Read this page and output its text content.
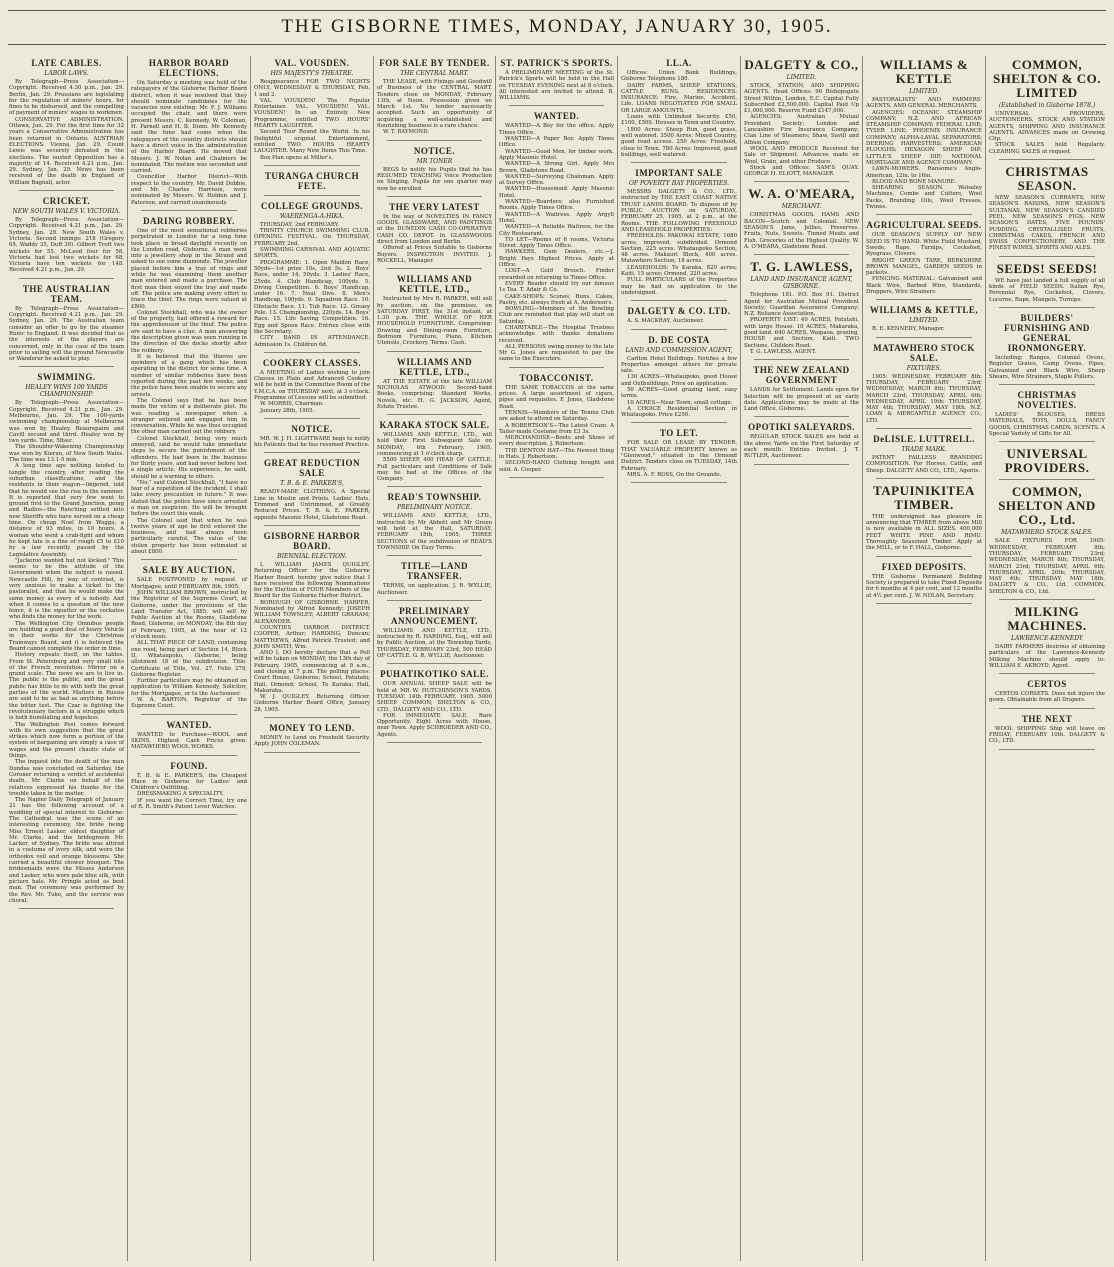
THE GISBORNE TIMES, MONDAY, JANUARY 30, 1905.
LATE CABLES.
LABOR LAWS.
By Telegraph—Press Association—Copyright. Received 4.30 p.m., Jan. 29. Berlin, Jan. 29. Prussians are legislating for the regulation of miners' hours, for fines to be disbursed, and the compelling of payment of miners' wages to workmen.
CONSERVATIVE ADMINISTRATION. Ottawa, Jan. 29. For the first time for 32 years a Conservative Administration has been returned in Ontario. AUSTRIAN ELECTIONS. Vienna, Jan. 29. Count Lewis was severely defeated in the elections. The ousted Opposition has a majority of 14. Received 4.21 p.m., Jan. 29. Sydney, Jan. 29. News has been received of the death in England of William Bagnall, actor.
CRICKET.
NEW SOUTH WALES V. VICTORIA.
By Telegraph—Press Association—Copyright. Received 4.21 p.m., Jan. 29. Sydney, Jan. 29. New South Wales v. Victoria. Second innings: 218 (Gregory 65, Waddy 35, Duff 30). Gilbert Trott two wickets for 55, McLeod four for 58. Victoria had lost two wickets for 68. Victoria have ten wickets for 148. Received 4.21 p.m., Jan. 29.
THE AUSTRALIAN TEAM.
By Telegraph—Press Association—Copyright. Received 4.21 p.m., Jan. 29. Sydney, Jan. 29. The Australian team consider an offer to go by the steamer Runic to England. It was decided that as the interests of the players are concerned, only in the case of the team prior to sailing will the ground Newcastle or Wanderer be asked to play.
SWIMMING.
HEALEY WINS 100 YARDS CHAMPIONSHIP.
By Telegraph—Press Association—Copyright. Received 4.21 p.m., Jan. 29. Melbourne, Jan. 29. The 100-yards swimming championship at Melbourne was won by Healey. Beaurepaire and Cavill second and third. Healey won by two yards. Time, 58sec.
The Shoulder-Wakening Championship was won by Kieran, of New South Wales. The time was 13.1-5 min.
A long time ago nothing tended to tangle the country, after reading the suburban classifications, and the residents in their wagon—lingered, told that he would see the rise in the summer. It is reported that very few went to ground first to the Grand Junction, going and Radios—the Ranching settled into new Sheriffs who have served on a cheap time. On cheap Noel from Wagga, a distance of 93 miles, in 10 hours. A woman who went a crab-fight and whom he kept late is a fine of rough £5 to £10 by a law recently passed by the Legislative Assembly.
"Jackeroo wanted but not kicked." This seems to be the attitude of the Government when the subject is raised. Newcastle Hill, by way of contrast, is very anxious to make a ticket to the pastoralist, and that he would make the same money as every of a nobody. And when it comes to a question of the new fence, it is the squatter or the cockatoo who finds the money for the work.
The Wellington City Omnibus people are building a good deal of heavy Vehicle in their works for the Christmas Tramways Board, and it is believed the Board cannot complete the order in time.
History repeats itself, on the tables. From St. Petersburg and very small bits of the French revolution. Mirror on a grand scale. The news we are to live in. The public is the public, and the great public has little to do with both the great parties of the world. Matters in Russia are said to be as bad as anything before the bitter test. The Czar is fighting the revolutionary factors in a struggle which is both humiliating and hopeless.
The Wellington Post comes forward with its own suggestion that the great strikes which now form a portion of the system of bargaining are simply a case of wages and the present chaotic state of things.
The inquest into the death of the man Dundas was concluded on Saturday, the Coroner returning a verdict of accidental death. Mr. Clarke on behalf of the relatives expressed his thanks for the trouble taken in the matter.
The Napier Daily Telegraph of January 21 has the following account of a wedding of special interest to Gisborne: The Cathedral was the scene of an interesting ceremony, the bride being Miss Ernest Lasker, eldest daughter of Mr. Clarke, and the bridegroom Mr. Lacker, of Sydney. The bride was attired in a costume of ivory silk, and wore the orthodox veil and orange blossoms. She carried a beautiful shower bouquet. The bridesmaids were the Misses Anderson and Lasker, who wore pale blue silk, with picture hats. Mr. Pringle acted as best man. The ceremony was performed by the Rev. Mr. Tuke, and the service was choral.
HARBOR BOARD ELECTIONS.
On Saturday a meeting was held of the ratepayers of the Gisborne Harbor Board district, when it was resolved that they should nominate candidates for the vacancies now existing. Mr. F. J. Williams occupied the chair, and there were present Messrs. C. Kennedy, W. Coleman, H. Parnell and H. B. Dunn. Mr. Kennedy said the time had come when the ratepayers of the country districts should have a direct voice in the administration of the Harbor Board. He moved that Messrs. J. W. Nolan and Chalmers be nominated. The motion was seconded and carried.
Councillor Harbor District—With respect to the country, Mr. David Dobbie, and Mr. Charles Harrison, were nominated by Messrs. W. Holden and J. Paterson, and carried unanimously.
DARING ROBBERY.
One of the most sensational robberies perpetrated in London for a long time took place in broad daylight recently on the London road, Gisborne. A man went into a jewellery shop in the Strand and asked to see some diamonds. The jeweller placed before him a tray of rings and while he was examining them another man entered and made a purchase. The first man then seized the tray and made off. The police are making every effort to trace the thief. The rings were valued at £800.
Colonel Stockhall, who was the owner of the property, had offered a reward for the apprehension of the thief. The police are said to have a clue. A man answering the description given was seen running in the direction of the docks shortly after the robbery.
It is believed that the thieves are members of a gang which has been operating in the district for some time. A number of similar robberies have been reported during the past few weeks, and the police have been unable to secure any arrests.
The Colonel says that he has been made the victim of a deliberate plot. He was reading a newspaper when a stranger entered and engaged him in conversation. While he was thus occupied the other man carried out the robbery.
Colonel Stockhall, being very much annoyed, said he would take immediate steps to secure the punishment of the offenders. He had been in the business for thirty years, and had never before lost a single article. His experience, he said, should be a warning to others.
"No," said Colonel Stockhall, "I have no fear of a repetition of the incident. I shall take every precaution in future." It was stated that the police have since arrested a man on suspicion. He will be brought before the court this week.
The Colonel said that when he was twelve years of age he first entered the business, and had always been particularly careful. The value of the stolen property has been estimated at about £800.
SALE BY AUCTION.
SALE POSTPONED by request of Mortgagee, until FEBRUARY 8th, 1905.
JOHN WILLIAM BROWN, instructed by the Registrar of the Supreme Court, at Gisborne, under the provisions of the Land Transfer Act, 1885, will sell by Public Auction at the Rooms, Gladstone Road, Gisborne, on MONDAY, the 8th day of February, 1905, at the hour of 12 o'clock noon.
ALL THAT PIECE OF LAND, containing one rood, being part of Section 14, Block II, Whataupoko, Gisborne, being allotment 18 of the subdivision. Title: Certificate of Title, Vol. 27, Folio 279, Gisborne Register.
Further particulars may be obtained on application to William Kennedy, Solicitor, for the Mortgagee, or to the Auctioneer.
W. A. BARTON, Registrar of the Supreme Court.
WANTED.
WANTED to Purchase—WOOL and SKINS. Highest Cash Prices given. MATAWHERO WOOL WORKS.
FOUND.
T. B. & E. PARKER'S, the Cheapest Place in Gisborne for Ladies' and Children's Outfitting.
DRESSMAKING A SPECIALITY.
IF you want the Correct Time, try one of R. R. Smith's Patent Lever Watches.
VAL. VOUSDEN.
HIS MAJESTY'S THEATRE.
Reappearance FOR TWO NIGHTS ONLY, WEDNESDAY & THURSDAY, Feb. 1 and 2.
VAL. VOUSDEN! The Popular Entertainer. VAL. VOUSDEN! VAL. VOUSDEN! In an Entirely New Programme, entitled TWO HOURS' HEARTY LAUGHTER.
Second Tour Round the World. In his Delightful original Entertainment, entitled TWO HOURS HEARTY LAUGHTER. Many New Items This Time.
Box Plan opens at Miller's.
TURANGA CHURCH FETE.
COLLEGE GROUNDS.
WAERENGA-A-HIKA.
THURSDAY, 2nd FEBRUARY.
TRINITY CHURCH SWIMMING CLUB. OPENING FESTIVAL. On THURSDAY, FEBRUARY 2nd.
SWIMMING CARNIVAL AND AQUATIC SPORTS.
PROGRAMME: 1. Open Maiden Race, 50yds—1st prize 10s, 2nd 5s. 2. Boys' Race, under 14, 50yds. 3. Ladies' Race, 25yds. 4. Club Handicap, 100yds. 5. Diving Competition. 6. Boys' Handicap, under 16. 7. Neat Dive. 8. Men's Handicap, 100yds. 9. Squadron Race. 10. Obstacle Race. 11. Tub Race. 12. Greasy Pole. 13. Championship, 220yds. 14. Boys' Race. 15. Life Saving Competition. 16. Egg and Spoon Race. Entries close with the Secretary.
CITY BAND IN ATTENDANCE. Admission 1s. Children 6d.
COOKERY CLASSES.
A MEETING of Ladies wishing to join Classes in Plain and Advanced Cookery will be held in the Committee Room of the Y.M.C.A. on THURSDAY next, at 3 o'clock. Programme of Lessons will be submitted.
W. MORRIS, Chairman.
January 28th, 1905.
NOTICE.
MR. W. J. H. LIGHTWARE begs to notify his Patients that he has resumed Practice.
GREAT REDUCTION SALE
T. B. & E. PARKER'S,
READY-MADE CLOTHING. A Special Line in Muslin and Prints. Ladies' Hats, Trimmed and Untrimmed, at Greatly Reduced Prices. T. B. & E. PARKER, opposite Masonic Hotel, Gladstone Road.
GISBORNE HARBOR BOARD.
BIENNIAL ELECTION.
I, WILLIAM JAMES QUIGLEY, Returning Officer for the Gisborne Harbor Board, hereby give notice that I have received the following Nominations for the Election of FOUR Members of the Board for the Gisborne Harbor District.
BOROUGH OF GISBORNE. HARPER, Nominated by Alfred Kennedy; JOSEPH WILLIAM TOWNLEY; ALBERT GRAHAM; ALEXANDER.
COUNTIES HARBOR DISTRICT. COOPER, Arthur; HARDING, Duncan; MATTHEWS, Alfred Patrick Trusted; and JOHN SMITH, Wm.
AND I, DO hereby declare that a Poll will be taken on MONDAY, the 13th day of February, 1905, commencing at 9 a.m., and closing at 7 p.m. The polling places: Court House, Gisborne; School, Patutahi; Hall, Ormond; School, Te Karaka; Hall, Makaraka.
W. J. QUIGLEY, Returning Officer. Gisborne Harbor Board Office, January 28, 1905.
MONEY TO LEND.
MONEY to Lend on Freehold Security. Apply JOHN COLEMAN.
FOR SALE BY TENDER.
THE CENTRAL MART.
THE LEASE, with Fixings and Goodwill of Business of the CENTRAL MART. Tenders close on MONDAY, February 13th, at Noon. Possession given on March 1st. No tender necessarily accepted. Such an opportunity of acquiring a well-established and flourishing business is a rare chance.
W. T. RAYMOND.
NOTICE.
MR TONER
BEGS to notify his Pupils that he has RESUMED TEACHING Voice Production on Singing. Pupils for one quarter may now be enrolled.
THE VERY LATEST
In the way of NOVELTIES IN FANCY GOODS, GLASSWARE, AND PAINTINGS at the DUNEDIN CASH CO-OPERATIVE CASH CO. DEPOT. In GLASSWOODS direct from London and Berlin.
Offered at Prices Suitable to Gisborne Buyers. INSPECTION INVITED. J. ROCKELL, Manager.
WILLIAMS AND KETTLE, LTD.,
Instructed by Mrs R. PARKER, will sell by auction, on the premises, on SATURDAY FIRST, the 31st instant, at 1.30 p.m. THE WHOLE OF HER HOUSEHOLD FURNITURE. Comprising: Drawing and Dining-room Furniture, Bedroom Furniture, Piano, Kitchen Utensils, Crockery. Terms: Cash.
WILLIAMS AND KETTLE, LTD.,
AT THE ESTATE of the late WILLIAM NICHOLAS ATWOOD. Second-hand Books, comprising: Standard Works, Novels, etc. H. G. JACKSON, Agent, Estate Trustee.
KARAKA STOCK SALE.
WILLIAMS AND KETTLE, LTD., will hold their First Subsequent Sale on MONDAY, 6th February, 1905, commencing at 1 o'clock sharp.
5500 SHEEP, 400 HEAD OF CATTLE. Full particulars and Conditions of Sale may be had at the Offices of the Company.
READ'S TOWNSHIP.
PRELIMINARY NOTICE.
WILLIAMS AND KETTLE, LTD., instructed by Mr Abbott and Mr Green will hold at the Hall, SATURDAY, FEBRUARY 18th, 1905, THREE SECTIONS of the subdivision of READ'S TOWNSHIP. On Easy Terms.
TITLE—LAND TRANSFER.
TERMS, on application. J. R. WYLLIE, Auctioneer.
PRELIMINARY ANNOUNCEMENT.
WILLIAMS AND KETTLE, LTD., instructed by R. HARDING, Esq., will sell by Public Auction, at the Township Yards, THURSDAY, FEBRUARY 23rd, 500 HEAD OF CATTLE. G. R. WYLLIE, Auctioneer.
PUHATIKOTIKO SALE.
OUR ANNUAL SHEEP SALE will be held at MR W. HUTCHINSON'S YARDS, TUESDAY, 14th FEBRUARY, 1905. 5000 SHEEP. COMMON, SHELTON & CO., LTD., DALGETY AND CO., LTD.
FOR IMMEDIATE SALE. Rare Opportunity. Eight Acres with House, near Town. Apply SCHROEDER AND CO., Agents.
ST. PATRICK'S SPORTS.
A PRELIMINARY MEETING of the St. Patrick's Sports will be held in the Hall on TUESDAY EVENING next at 8 o'clock. All interested are invited to attend. B. WILLIAMS.
WANTED.
WANTED—A Boy for the office. Apply Times Office.
WANTED—A Paper Boy. Apply Times Office.
WANTED—Good Men, for timber work. Apply Masonic Hotel.
WANTED—A Strong Girl. Apply Mrs Brown, Gladstone Road.
WANTED—Surveying Chainman. Apply at Survey Office.
WANTED—Housemaid. Apply Masonic Hotel.
WANTED—Boarders; also Furnished Rooms. Apply Times Office.
WANTED—A Waitress. Apply Argyll Hotel.
WANTED—A Reliable Waitress, for the City Restaurant.
TO LET—Rooms of 6 rooms, Victoria Street. Apply Times Office.
HAWKERS, Gum Dealers, etc.—J. Bright Pays Highest Prices. Apply at Office.
LOST—A Gold Brooch. Finder rewarded on returning to Times Office.
EVERY Reader should try our famous 1s Tea. T. Adair & Co.
CAKE-SHOPS: Scones, Buns, Cakes, Pastry, etc. always fresh at A. Anderson's.
BOWLING—Members of the Bowling Club are reminded that play will start on Saturday.
CHARITABLE—The Hospital Trustees acknowledge with thanks donations received.
ALL PERSONS owing money to the late Mr G. Jones are requested to pay the same to the Executors.
TOBACCONIST.
THE SAME TOBACCOS at the same prices. A large assortment of cigars, pipes and requisites. F. Jones, Gladstone Road.
TENNIS—Members of the Tennis Club are asked to attend on Saturday.
A ROBERTSON'S—The Latest Craze. A Tailor-made Costume from £3 3s.
MERCHANDISE—Boots and Shoes of every description. J. Robertson.
THE DENTON HAT—The Newest thing in Hats. J. Robertson.
SECOND-HAND Clothing bought and sold. A. Cooper.
I.L.A.
Offices: Union Bank Buildings, Gisborne Telephone 180.
DAIRY FARMS, SHEEP STATIONS, CATTLE RUNS, RESIDENCES. INSURANCE: Fire, Marine, Accident, Life. LOANS NEGOTIATED FOR SMALL OR LARGE AMOUNTS.
Loans with Unlimited Security. £50, £100, £500. Houses in Town and Country.
1800 Acres: Sheep Run, good grass, well watered. 3500 Acres: Mixed Country, good road access. 250 Acres: Freehold, close to Town. 780 Acres: Improved, good buildings, well watered.
IMPORTANT SALE
OF POVERTY BAY PROPERTIES.
MESSRS DALGETY & CO., LTD., instructed by THE EAST COAST NATIVE TRUST LANDS BOARD. To dispose of by PUBLIC AUCTION on SATURDAY, FEBRUARY 25, 1905, at 2 p.m., at the Rooms. THE FOLLOWING FREEHOLD AND LEASEHOLD PROPERTIES:
FREEHOLDS: PAKOWAI ESTATE, 1680 acres, improved, subdivided. Ormond Section, 225 acres. Whataupoko Section, 48 acres. Makauri Block, 400 acres. Matawhero Section, 18 acres.
LEASEHOLDS: Te Karaka, 820 acres; Kaiti, 15 acres; Ormond, 220 acres.
FULL PARTICULARS of the Properties may be had on application to the undersigned.
DALGETY & CO. LTD.
A. S. MACKRAY, Auctioneer.
D. DE COSTA
LAND AND COMMISSION AGENT,
Carlton Hotel Buildings. Notifies a few Properties amongst others for private sale.
130 ACRES—Whataupoko, good House and Outbuildings. Price on application.
50 ACRES—Good grazing land, easy terms.
10 ACRES—Near Town, small cottage.
A CHOICE Residential Section in Whataupoko. Price £250.
TO LET.
FOR SALE OR LEASE BY TENDER. THAT VALUABLE PROPERTY known as "Glenwood," situated in the Ormond District. Tenders close on TUESDAY, 14th February.
MRS. A. F. ROSS, On the Grounds.
DALGETY & CO.,
LIMITED.
STOCK, STATION, AND SHIPPING AGENTS. Head Offices: 96 Bishopsgate Street Within, London, E.C. Capital Fully Subscribed £2,500,000. Capital Paid Up £1,000,000. Reserve Fund £147,000.
AGENCIES: Australian Mutual Provident Society; London and Lancashire Fire Insurance Company; Clan Line of Steamers; Shaw, Savill and Albion Company.
WOOL AND PRODUCE Received for Sale or Shipment. Advances made on Wool, Grain, and other Produce.
Stock and Offices: SAM'S QUAY. GEORGE H. ELIOTT, MANAGER.
W. A. O'MEARA,
MERCHANT.
CHRISTMAS GOODS. HAMS AND BACON—Scotch and Colonial. NEW SEASON'S Jams, Jellies, Preserves. Fruits, Nuts, Sweets. Tinned Meats and Fish. Groceries of the Highest Quality. W. A. O'MEARA, Gladstone Road.
T. G. LAWLESS,
LAND AND INSURANCE AGENT, GISBORNE.
Telephone 181. P.O. Box 91. District Agent for Australian Mutual Provident Society; Guardian Assurance Company; N.Z. Reliance Association.
PROPERTY LIST: 40 ACRES, Patutahi, with large House. 10 ACRES, Makaraka, good land. 640 ACRES, Waipaoa, grazing. HOUSE and Section, Kaiti. TWO Sections, Childers Road.
T. G. LAWLESS, AGENT.
THE NEW ZEALAND GOVERNMENT
LANDS for Settlement. Lands open for Selection will be proposed at an early date. Applications may be made at the Land Office, Gisborne.
OPOTIKI SALEYARDS.
REGULAR STOCK SALES are held at the above Yards on the First Saturday of each month. Entries Invited. J. T. RUTLER, Auctioneer.
WILLIAMS & KETTLE
LIMITED.
PASTORALISTS' AND FARMERS' AGENTS, AND GENERAL MERCHANTS.
AGENCIES: OCEANIC STEAMSHIP COMPANY; N.Z. AND AFRICAN STEAMSHIP COMPANY; FEDERAL LINE; TYSER LINE; PHOENIX INSURANCE COMPANY; ALPHA-LAVAL SEPARATORS; DEERING HARVESTERS; AMERICAN PLOUGHS; HEXAGON SHEEP DIP; LITTLE'S SHEEP DIP; NATIONAL MORTGAGE AND AGENCY COMPANY.
LAWN-MOWERS. Ransome's Anglo-American, 12in. to 16in.
BLOOD AND BONE MANURE.
SHEARING SEASON. Wolseley Machines, Combs and Cutters, Wool Packs, Branding Oils, Wool Presses, Twines.
AGRICULTURAL SEEDS.
OUR SEASON'S SUPPLY OF NEW SEED IS TO HAND. White Field Mustard, Swede, Rape, Turnips, Cocksfoot, Ryegrass, Clovers.
BRIGHT GREEN TARE, BERKSHIRE BROWN MANGEL, GARDEN SEEDS in packets.
FENCING MATERIAL: Galvanised and Black Wire, Barbed Wire, Standards, Droppers, Wire Strainers.
WILLIAMS & KETTLE,
LIMITED.
R. E. KENNEDY, Manager.
MATAWHERO STOCK SALE.
FIXTURES.
1905: WEDNESDAY, FEBRUARY 8th; THURSDAY, FEBRUARY 23rd; WEDNESDAY, MARCH 8th; THURSDAY, MARCH 23rd; THURSDAY, APRIL 6th; WEDNESDAY, APRIL 19th; THURSDAY, MAY 4th; THURSDAY, MAY 18th. N.Z. LOAN & MERCANTILE AGENCY CO., LTD.
DeLISLE. LUTTRELL.
TRADE MARK.
PATENT FAILLESS BRANDING COMPOSITION. For Horses, Cattle, and Sheep. DALGETY AND CO., LTD., Agents.
TAPUINIKITEA TIMBER.
THE undersigned has pleasure in announcing that TIMBER from above Mill is now available in ALL SIZES. 400,000 FEET WHITE PINE AND RIMU. Thoroughly Seasoned Timber. Apply at the MILL, or to F. HALL, Gisborne.
FIXED DEPOSITS.
THE Gisborne Permanent Building Society is prepared to take Fixed Deposits for 6 months at 4 per cent, and 12 months at 4½ per cent. J. W. NOLAN, Secretary.
COMMON, SHELTON & CO. LIMITED
(Established in Gisborne 1878.)
UNIVERSAL PROVIDERS. AUCTIONEERS, STOCK AND STATION AGENTS, SHIPPING AND INSURANCE AGENTS. ADVANCES made on Growing Clip.
STOCK SALES held Regularly. CLEARING SALES at request.
CHRISTMAS SEASON.
NEW SEASON'S CURRANTS, NEW SEASON'S RAISINS, NEW SEASON'S SULTANAS, NEW SEASON'S CANDIED PEEL, NEW SEASON'S FIGS, NEW SEASON'S DATES, FIVE POUNDS' PUDDING, CRYSTALLISED FRUITS, CHRISTMAS CAKES, FRENCH AND SWISS CONFECTIONERY, AND THE FINEST WINES, SPIRITS AND ALES.
SEEDS! SEEDS!
WE have just landed a full supply of all kinds of FIELD SEEDS. Italian Rye, Perennial Rye, Cocksfoot, Clovers, Lucerne, Rape, Mangels, Turnips.
BUILDERS' FURNISHING AND GENERAL IRONMONGERY.
Including: Ranges, Colonial Ovens, Register Grates, Camp Ovens, Pipes, Galvanised and Black Wire, Sheep Shears, Wire Strainers, Staple Pullers.
CHRISTMAS NOVELTIES.
LADIES' BLOUSES, DRESS MATERIALS, TOYS, DOLLS, FANCY GOODS, CHRISTMAS CARDS, SCENTS. A Special Variety of Gifts for All.
UNIVERSAL PROVIDERS.
COMMON, SHELTON AND CO., Ltd.
MATAWHERO STOCK SALES.
SALE FIXTURES FOR 1905: WEDNESDAY, FEBRUARY 8th; THURSDAY, FEBRUARY 23rd; WEDNESDAY, MARCH 8th; THURSDAY, MARCH 23rd; THURSDAY, APRIL 6th; THURSDAY, APRIL 20th; THURSDAY, MAY 4th; THURSDAY, MAY 18th. DALGETY & CO., Ltd. COMMON, SHELTON & CO., Ltd.
MILKING MACHINES.
LAWRENCE-KENNEDY
DAIRY FARMERS desirous of obtaining particulars of the Lawrence-Kennedy Milking Machine should apply to: WILLIAM E. AKROYD, Agent.
CERTOS
CERTOS CORSETS. Does not injure the gown. Obtainable from all Drapers.
THE NEXT
WOOL SHIPPING Ship will leave on FRIDAY, FEBRUARY 10th. DALGETY & CO., LTD.
